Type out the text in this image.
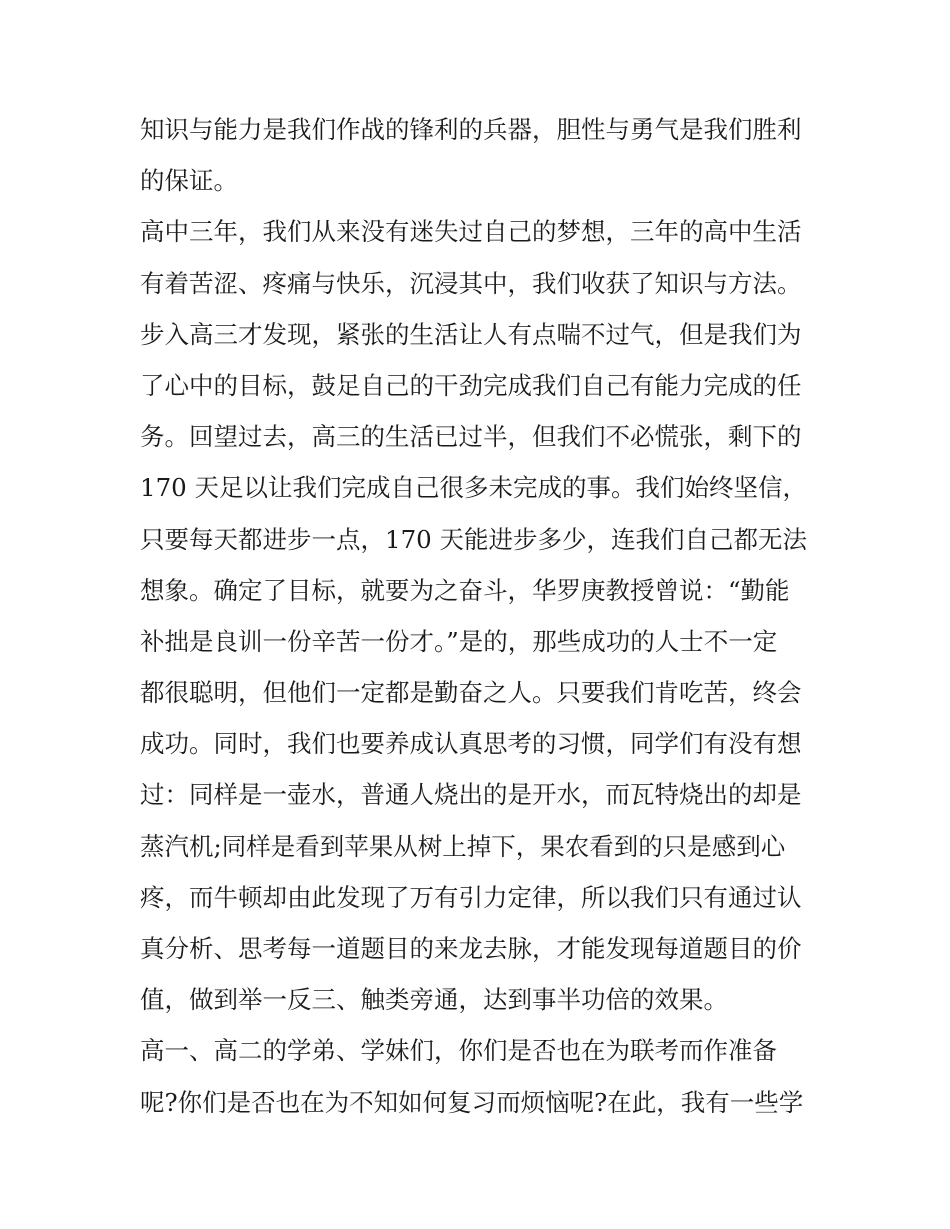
知识与能力是我们作战的锋利的兵器，胆性与勇气是我们胜利
的保证。
高中三年，我们从来没有迷失过自己的梦想，三年的高中生活
有着苦涩、疼痛与快乐，沉浸其中，我们收获了知识与方法。
步入高三才发现，紧张的生活让人有点喘不过气，但是我们为
了心中的目标，鼓足自己的干劲完成我们自己有能力完成的任
务。回望过去，高三的生活已过半，但我们不必慌张，剩下的
170 天足以让我们完成自己很多未完成的事。我们始终坚信，
只要每天都进步一点，170 天能进步多少，连我们自己都无法
想象。确定了目标，就要为之奋斗，华罗庚教授曾说：“勤能
补拙是良训一份辛苦一份才。”是的，那些成功的人士不一定
都很聪明，但他们一定都是勤奋之人。只要我们肯吃苦，终会
成功。同时，我们也要养成认真思考的习惯，同学们有没有想
过：同样是一壶水，普通人烧出的是开水，而瓦特烧出的却是
蒸汽机;同样是看到苹果从树上掉下，果农看到的只是感到心
疼，而牛顿却由此发现了万有引力定律，所以我们只有通过认
真分析、思考每一道题目的来龙去脉，才能发现每道题目的价
值，做到举一反三、触类旁通，达到事半功倍的效果。
高一、高二的学弟、学妹们，你们是否也在为联考而作准备
呢?你们是否也在为不知如何复习而烦恼呢?在此，我有一些学
